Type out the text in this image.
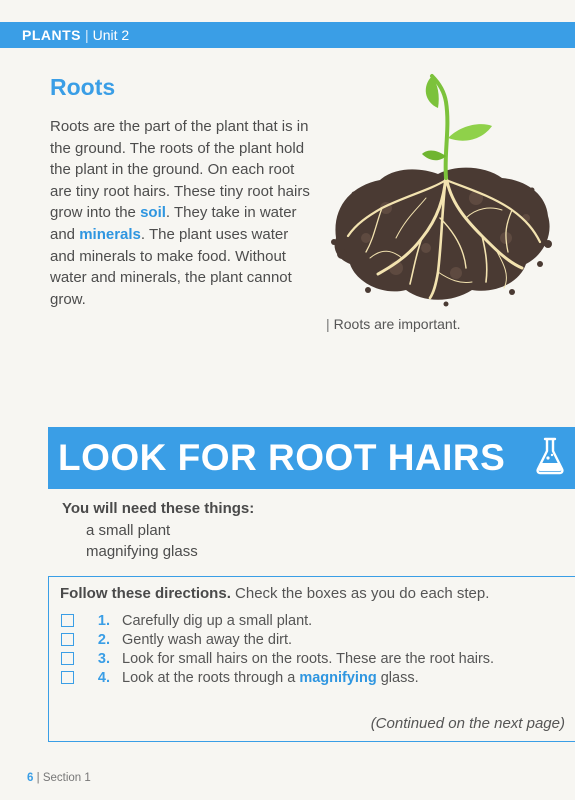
PLANTS | Unit 2
Roots
Roots are the part of the plant that is in the ground. The roots of the plant hold the plant in the ground. On each root are tiny root hairs. These tiny root hairs grow into the soil. They take in water and minerals. The plant uses water and minerals to make food. Without water and minerals, the plant cannot grow.
| Roots are important.
LOOK FOR ROOT HAIRS
You will need these things:
a small plant
magnifying glass
Follow these directions. Check the boxes as you do each step.
1. Carefully dig up a small plant.
2. Gently wash away the dirt.
3. Look for small hairs on the roots. These are the root hairs.
4. Look at the roots through a magnifying glass.
(Continued on the next page)
6 | Section 1
